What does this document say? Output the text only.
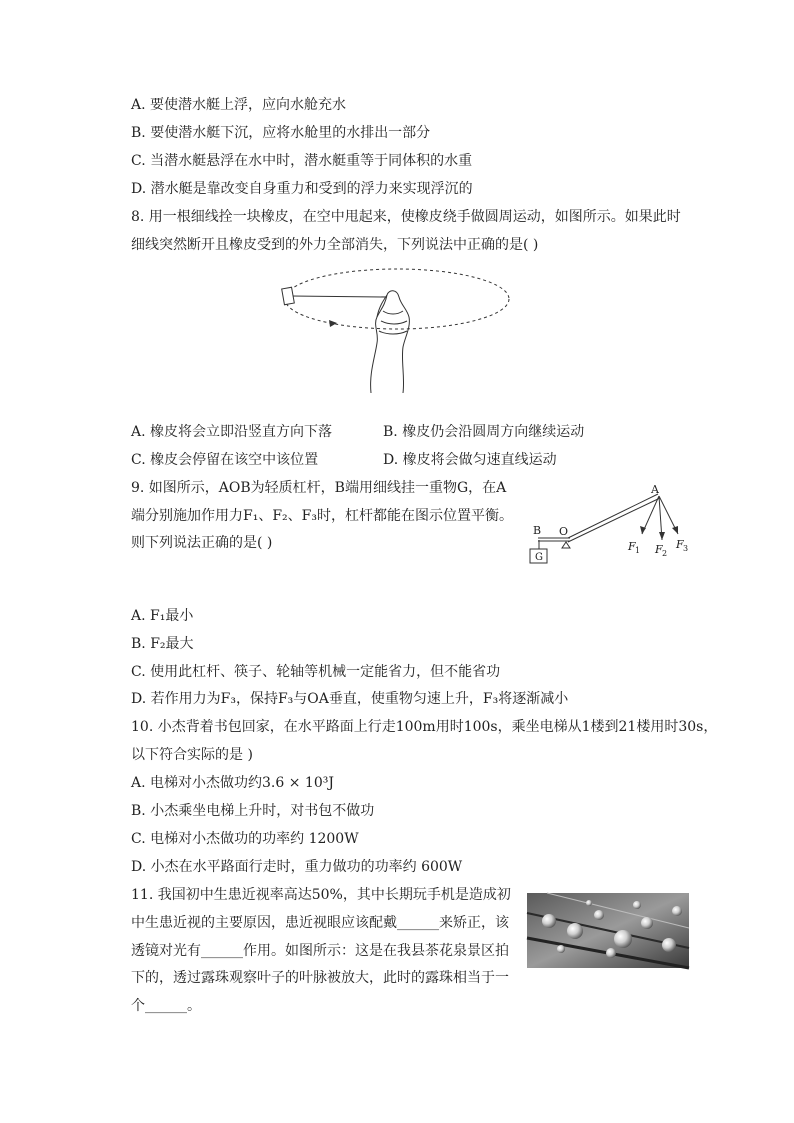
A. 要使潜水艇上浮，应向水舱充水
B. 要使潜水艇下沉，应将水舱里的水排出一部分
C. 当潜水艇悬浮在水中时，潜水艇重等于同体积的水重
D. 潜水艇是靠改变自身重力和受到的浮力来实现浮沉的
8. 用一根细线拴一块橡皮，在空中甩起来，使橡皮绕手做圆周运动，如图所示。如果此时
细线突然断开且橡皮受到的外力全部消失，下列说法中正确的是( )
A. 橡皮将会立即沿竖直方向下落	B. 橡皮仍会沿圆周方向继续运动
C. 橡皮会停留在该空中该位置	D. 橡皮将会做匀速直线运动
9. 如图所示，AOB为轻质杠杆，B端用细线挂一重物G，在A
端分别施加作用力F₁、F₂、F₃时，杠杆都能在图示位置平衡。
则下列说法正确的是( )
A
B O
G
F 1 F 2
F 3
A. F₁最小
B. F₂最大
C. 使用此杠杆、筷子、轮轴等机械一定能省力，但不能省功
D. 若作用力为F₃，保持F₃与OA垂直，使重物匀速上升，F₃将逐渐减小
10. 小杰背着书包回家，在水平路面上行走100m用时100s，乘坐电梯从1楼到21楼用时30s，
以下符合实际的是 )
A. 电梯对小杰做功约3.6 × 10³J
B. 小杰乘坐电梯上升时，对书包不做功
C. 电梯对小杰做功的功率约 1200W
D. 小杰在水平路面行走时，重力做功的功率约 600W
11. 我国初中生患近视率高达50%，其中长期玩手机是造成初
中生患近视的主要原因，患近视眼应该配戴______来矫正，该
透镜对光有______作用。如图所示：这是在我县茶花泉景区拍
下的，透过露珠观察叶子的叶脉被放大，此时的露珠相当于一
个______。
